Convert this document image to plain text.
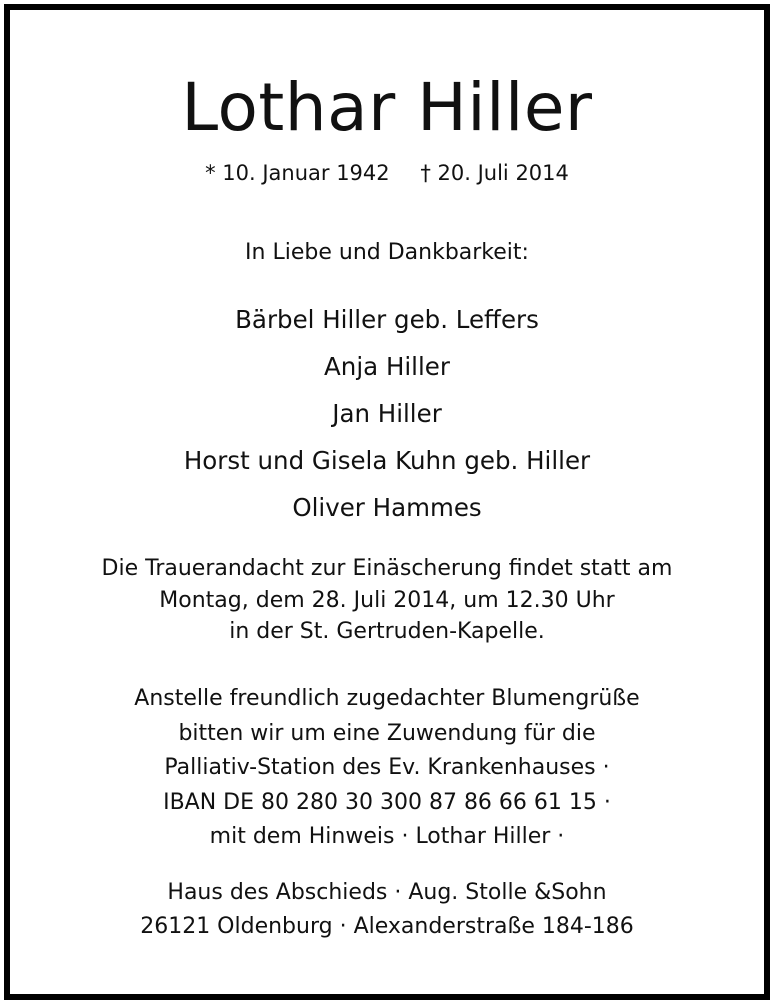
Lothar Hiller
* 10. Januar 1942 † 20. Juli 2014
In Liebe und Dankbarkeit:
Bärbel Hiller geb. Leffers
Anja Hiller
Jan Hiller
Horst und Gisela Kuhn geb. Hiller
Oliver Hammes
Die Trauerandacht zur Einäscherung findet statt am
Montag, dem 28. Juli 2014, um 12.30 Uhr
in der St. Gertruden-Kapelle.
Anstelle freundlich zugedachter Blumengrüße
bitten wir um eine Zuwendung für die
Palliativ-Station des Ev. Krankenhauses ·
IBAN DE 80 280 30 300 87 86 66 61 15 ·
mit dem Hinweis · Lothar Hiller ·
Haus des Abschieds · Aug. Stolle &Sohn
26121 Oldenburg · Alexanderstraße 184-186
